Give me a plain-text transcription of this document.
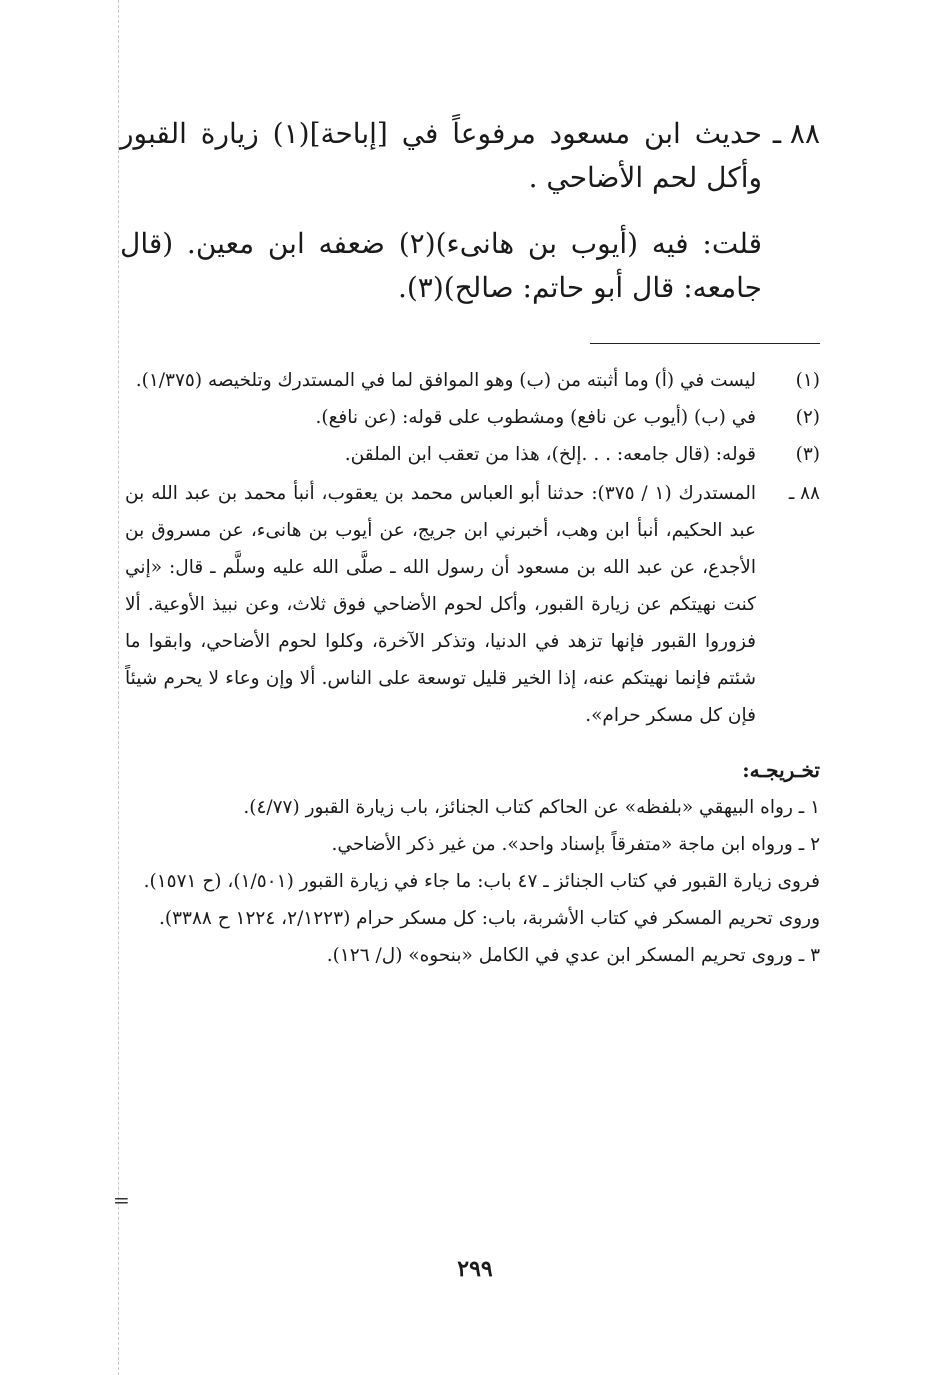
=
٨٨ ـ
حديث ابن مسعود مرفوعاً في [إباحة](١) زيارة القبور وأكل لحم الأضاحي .
قلت: فيه (أيوب بن هانىء)(٢) ضعفه ابن معين. (قال جامعه: قال أبو حاتم: صالح)(٣).
(١)
ليست في (أ) وما أثبته من (ب) وهو الموافق لما في المستدرك وتلخيصه (١/٣٧٥).
(٢)
في (ب) (أيوب عن نافع) ومشطوب على قوله: (عن نافع).
(٣)
قوله: (قال جامعه: . . .إلخ)، هذا من تعقب ابن الملقن.
٨٨ ـ
المستدرك (١ / ٣٧٥): حدثنا أبو العباس محمد بن يعقوب، أنبأ محمد بن عبد الله بن عبد الحكيم، أنبأ ابن وهب، أخبرني ابن جريج، عن أيوب بن هانىء، عن مسروق بن الأجدع، عن عبد الله بن مسعود أن رسول الله ـ صلَّى الله عليه وسلَّم ـ قال: «إني كنت نهيتكم عن زيارة القبور، وأكل لحوم الأضاحي فوق ثلاث، وعن نبيذ الأوعية. ألا فزوروا القبور فإنها تزهد في الدنيا، وتذكر الآخرة، وكلوا لحوم الأضاحي، وابقوا ما شئتم فإنما نهيتكم عنه، إذا الخير قليل توسعة على الناس. ألا وإن وعاء لا يحرم شيئاً فإن كل مسكر حرام».
تخـريجـه:
١ ـ رواه البيهقي «بلفظه» عن الحاكم كتاب الجنائز، باب زيارة القبور (٤/٧٧).
٢ ـ ورواه ابن ماجة «متفرقاً بإسناد واحد». من غير ذكر الأضاحي.
فروى زيارة القبور في كتاب الجنائز ـ ٤٧ باب: ما جاء في زيارة القبور (١/٥٠١)، (ح ١٥٧١).
وروى تحريم المسكر في كتاب الأشربة، باب: كل مسكر حرام (٢/١٢٢٣، ١٢٢٤ ح ٣٣٨٨).
٣ ـ وروى تحريم المسكر ابن عدي في الكامل «بنحوه» (ل/ ١٢٦).
٢٩٩
